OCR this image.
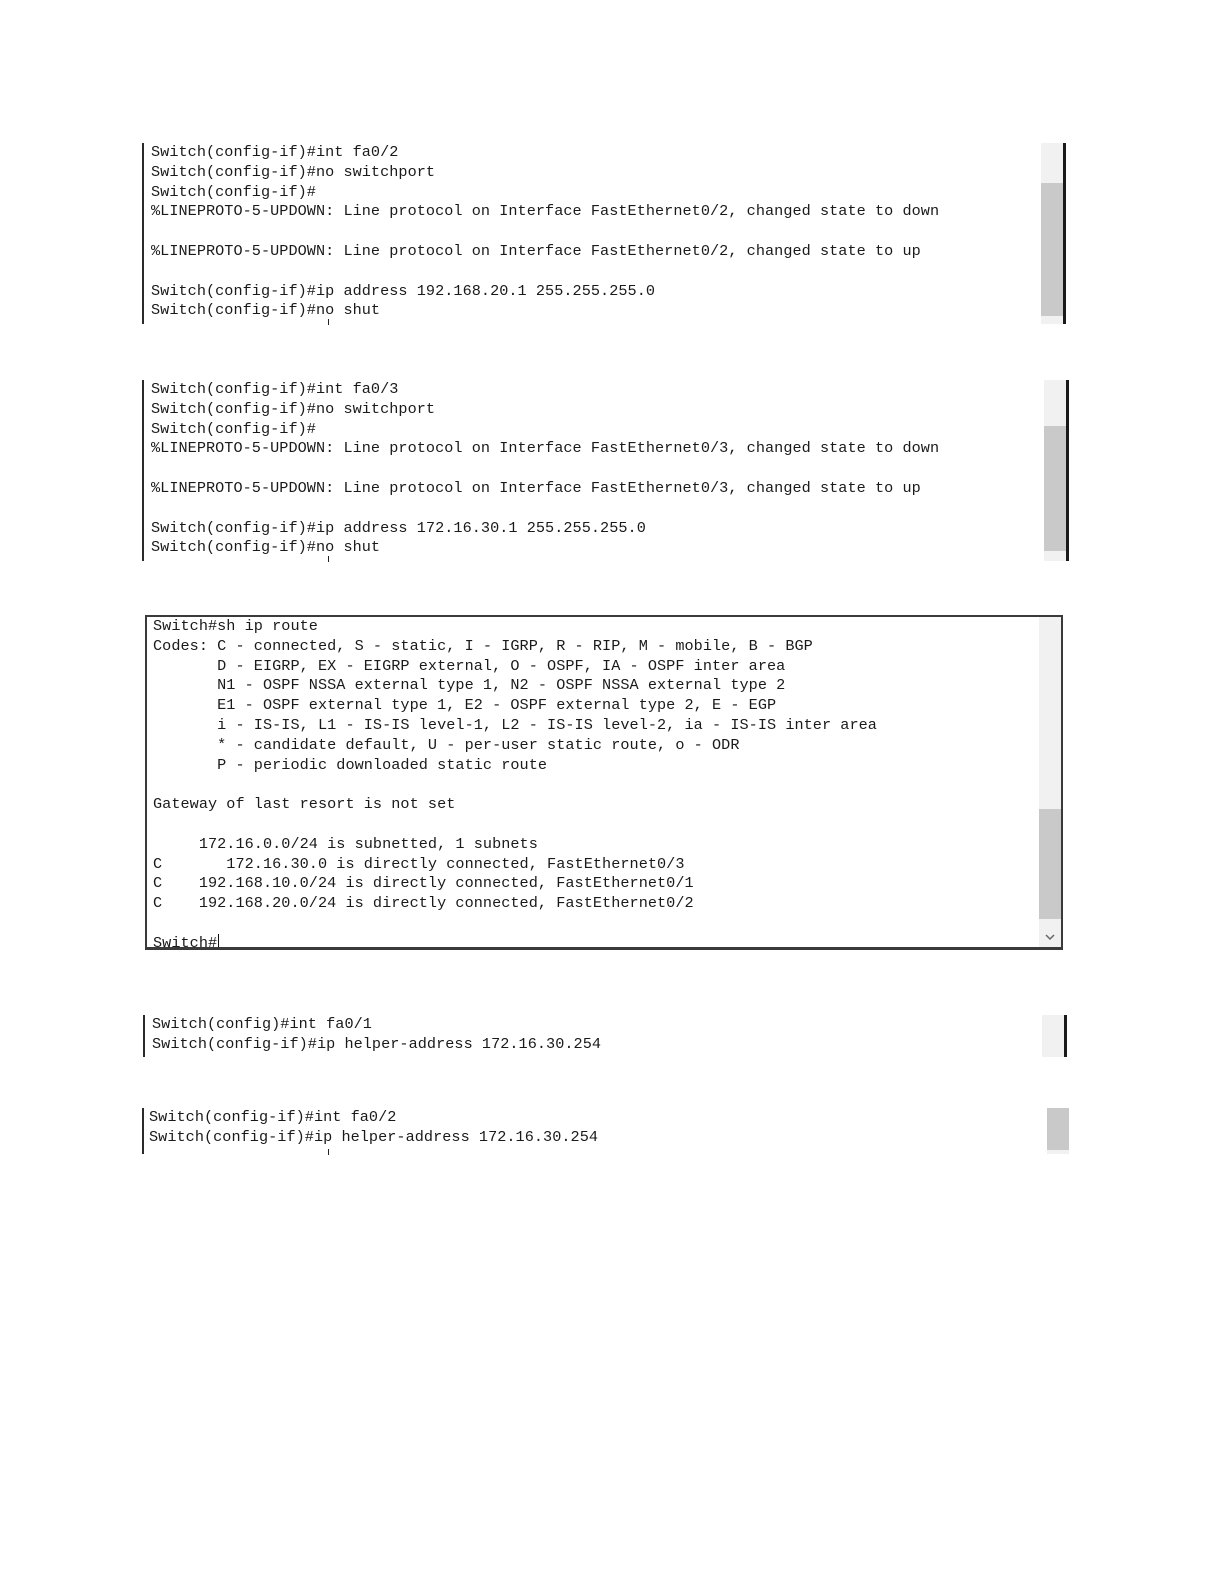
Switch(config-if)#int fa0/2
Switch(config-if)#no switchport
Switch(config-if)#
%LINEPROTO-5-UPDOWN: Line protocol on Interface FastEthernet0/2, changed state to down
%LINEPROTO-5-UPDOWN: Line protocol on Interface FastEthernet0/2, changed state to up
Switch(config-if)#ip address 192.168.20.1 255.255.255.0
Switch(config-if)#no shut
Switch(config-if)#int fa0/3
Switch(config-if)#no switchport
Switch(config-if)#
%LINEPROTO-5-UPDOWN: Line protocol on Interface FastEthernet0/3, changed state to down
%LINEPROTO-5-UPDOWN: Line protocol on Interface FastEthernet0/3, changed state to up
Switch(config-if)#ip address 172.16.30.1 255.255.255.0
Switch(config-if)#no shut
Switch#sh ip route
Codes: C - connected, S - static, I - IGRP, R - RIP, M - mobile, B - BGP
D - EIGRP, EX - EIGRP external, O - OSPF, IA - OSPF inter area
N1 - OSPF NSSA external type 1, N2 - OSPF NSSA external type 2
E1 - OSPF external type 1, E2 - OSPF external type 2, E - EGP
i - IS-IS, L1 - IS-IS level-1, L2 - IS-IS level-2, ia - IS-IS inter area
* - candidate default, U - per-user static route, o - ODR
P - periodic downloaded static route
Gateway of last resort is not set
172.16.0.0/24 is subnetted, 1 subnets
C       172.16.30.0 is directly connected, FastEthernet0/3
C    192.168.10.0/24 is directly connected, FastEthernet0/1
C    192.168.20.0/24 is directly connected, FastEthernet0/2
Switch#
Switch(config)#int fa0/1
Switch(config-if)#ip helper-address 172.16.30.254
Switch(config-if)#int fa0/2
Switch(config-if)#ip helper-address 172.16.30.254
